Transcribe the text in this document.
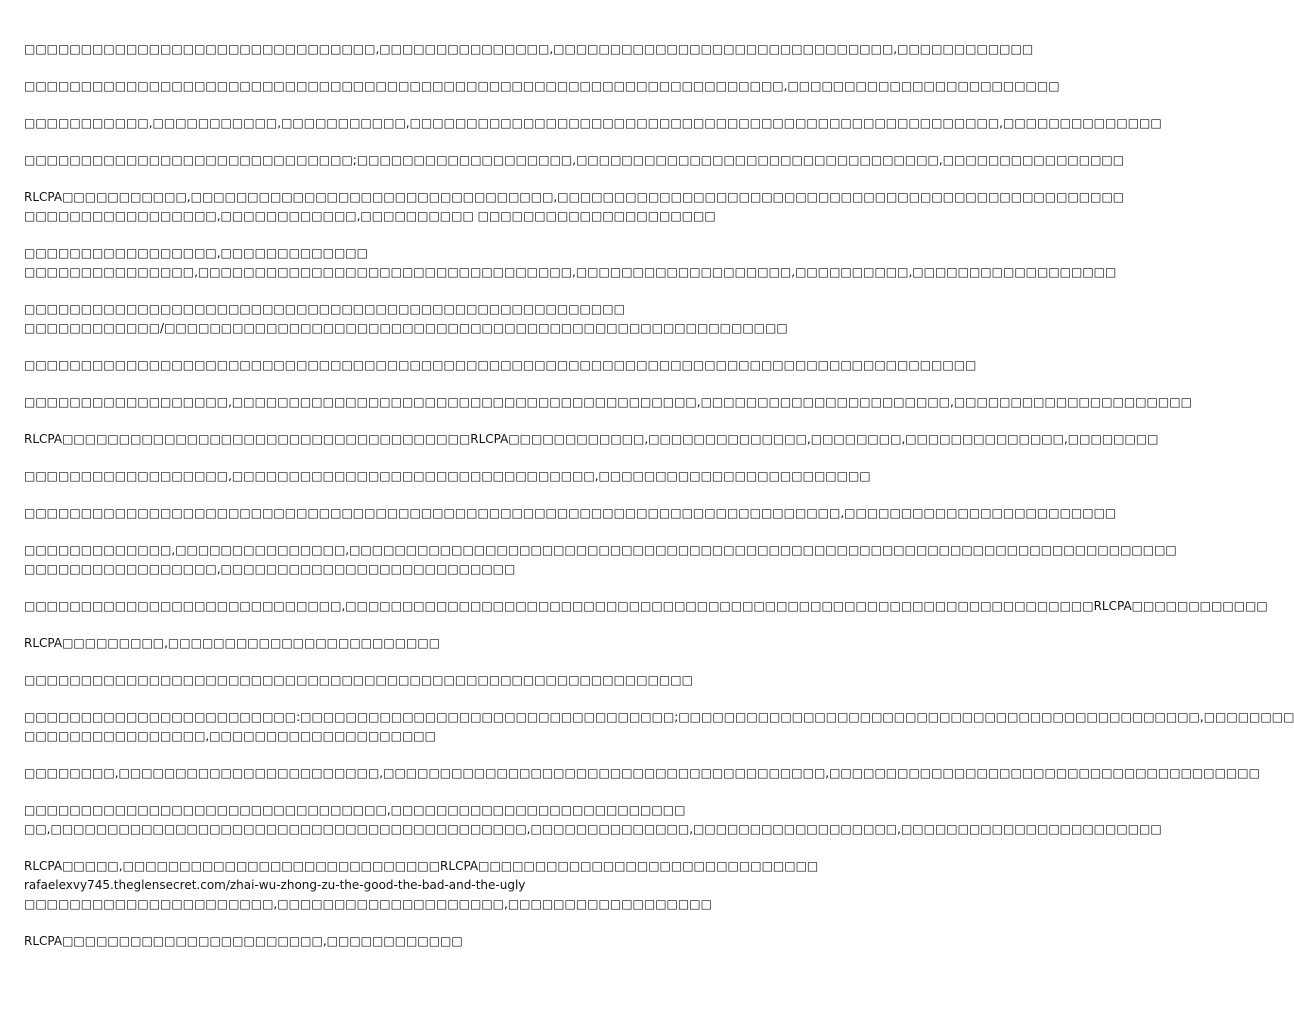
□□□□□□□□□□□□□□□□□□□□□□□□□□□□□□□,□□□□□□□□□□□□□□□,□□□□□□□□□□□□□□□□□□□□□□□□□□□□□□,□□□□□□□□□□□□

□□□□□□□□□□□□□□□□□□□□□□□□□□□□□□□□□□□□□□□□□□□□□□□□□□□□□□□□□□□□□□□□□□□,□□□□□□□□□□□□□□□□□□□□□□□□

□□□□□□□□□□□,□□□□□□□□□□□,□□□□□□□□□□□,□□□□□□□□□□□□□□□□□□□□□□□□□□□□□□□□□□□□□□□□□□□□□□□□□□□□,□□□□□□□□□□□□□□

□□□□□□□□□□□□□□□□□□□□□□□□□□□□□;□□□□□□□□□□□□□□□□□□□,□□□□□□□□□□□□□□□□□□□□□□□□□□□□□□□□,□□□□□□□□□□□□□□□□

RLCPA□□□□□□□□□□□,□□□□□□□□□□□□□□□□□□□□□□□□□□□□□□□□,□□□□□□□□□□□□□□□□□□□□□□□□□□□□□□□□□□□□□□□□□□□□□□□□□□
□□□□□□□□□□□□□□□□□,□□□□□□□□□□□□,□□□□□□□□□□ □□□□□□□□□□□□□□□□□□□□□

□□□□□□□□□□□□□□□□□,□□□□□□□□□□□□□
□□□□□□□□□□□□□□□,□□□□□□□□□□□□□□□□□□□□□□□□□□□□□□□□□,□□□□□□□□□□□□□□□□□□□,□□□□□□□□□□,□□□□□□□□□□□□□□□□□□

□□□□□□□□□□□□□□□□□□□□□□□□□□□□□□□□□□□□□□□□□□□□□□□□□□□□□
□□□□□□□□□□□□/□□□□□□□□□□□□□□□□□□□□□□□□□□□□□□□□□□□□□□□□□□□□□□□□□□□□□□□

□□□□□□□□□□□□□□□□□□□□□□□□□□□□□□□□□□□□□□□□□□□□□□□□□□□□□□□□□□□□□□□□□□□□□□□□□□□□□□□□□□□□

□□□□□□□□□□□□□□□□□□,□□□□□□□□□□□□□□□□□□□□□□□□□□□□□□□□□□□□□□□□□,□□□□□□□□□□□□□□□□□□□□□□,□□□□□□□□□□□□□□□□□□□□□

RLCPA□□□□□□□□□□□□□□□□□□□□□□□□□□□□□□□□□□□□RLCPA□□□□□□□□□□□□,□□□□□□□□□□□□□□,□□□□□□□□,□□□□□□□□□□□□□□,□□□□□□□□

□□□□□□□□□□□□□□□□□□,□□□□□□□□□□□□□□□□□□□□□□□□□□□□□□□□,□□□□□□□□□□□□□□□□□□□□□□□□

□□□□□□□□□□□□□□□□□□□□□□□□□□□□□□□□□□□□□□□□□□□□□□□□□□□□□□□□□□□□□□□□□□□□□□□□,□□□□□□□□□□□□□□□□□□□□□□□□

□□□□□□□□□□□□□,□□□□□□□□□□□□□□□,□□□□□□□□□□□□□□□□□□□□□□□□□□□□□□□□□□□□□□□□□□□□□□□□□□□□□□□□□□□□□□□□□□□□□□□□□
□□□□□□□□□□□□□□□□□,□□□□□□□□□□□□□□□□□□□□□□□□□□

□□□□□□□□□□□□□□□□□□□□□□□□□□□□,□□□□□□□□□□□□□□□□□□□□□□□□□□□□□□□□□□□□□□□□□□□□□□□□□□□□□□□□□□□□□□□□□□RLCPA□□□□□□□□□□□□

RLCPA□□□□□□□□□,□□□□□□□□□□□□□□□□□□□□□□□□

□□□□□□□□□□□□□□□□□□□□□□□□□□□□□□□□□□□□□□□□□□□□□□□□□□□□□□□□□□□

□□□□□□□□□□□□□□□□□□□□□□□□:□□□□□□□□□□□□□□□□□□□□□□□□□□□□□□□□□;□□□□□□□□□□□□□□□□□□□□□□□□□□□□□□□□□□□□□□□□□□□□□□,□□□□□□□□
□□□□□□□□□□□□□□□□,□□□□□□□□□□□□□□□□□□□□

□□□□□□□□,□□□□□□□□□□□□□□□□□□□□□□□,□□□□□□□□□□□□□□□□□□□□□□□□□□□□□□□□□□□□□□□,□□□□□□□□□□□□□□□□□□□□□□□□□□□□□□□□□□□□□□

□□□□□□□□□□□□□□□□□□□□□□□□□□□□□□□□,□□□□□□□□□□□□□□□□□□□□□□□□□□
□□,□□□□□□□□□□□□□□□□□□□□□□□□□□□□□□□□□□□□□□□□□□,□□□□□□□□□□□□□□,□□□□□□□□□□□□□□□□□□,□□□□□□□□□□□□□□□□□□□□□□□

RLCPA□□□□□,□□□□□□□□□□□□□□□□□□□□□□□□□□□□RLCPA□□□□□□□□□□□□□□□□□□□□□□□□□□□□□□
rafaelexvy745.theglensecret.com/zhai-wu-zhong-zu-the-good-the-bad-and-the-ugly
□□□□□□□□□□□□□□□□□□□□□□,□□□□□□□□□□□□□□□□□□□□,□□□□□□□□□□□□□□□□□□

RLCPA□□□□□□□□□□□□□□□□□□□□□□□,□□□□□□□□□□□□
